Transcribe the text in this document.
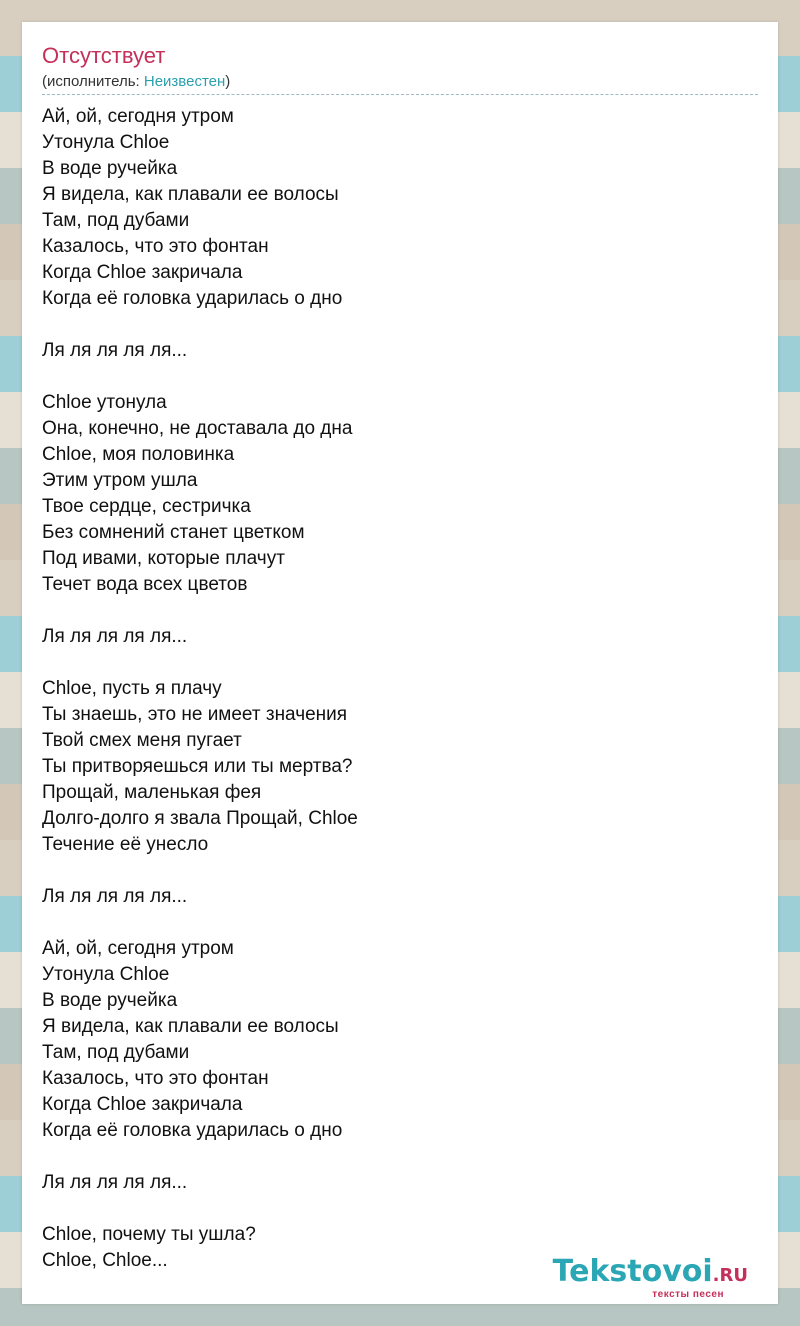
Отсутствует
(исполнитель: Неизвестен)
Ай, ой, сегодня утром
Утонула Chloe
В воде ручейка
Я видела, как плавали ее волосы
Там, под дубами
Казалось, что это фонтан
Когда Chloe закричала
Когда её головка ударилась о дно
Ля ля ля ля ля...
Chloe утонула
Она, конечно, не доставала до дна
Chloe, моя половинка
Этим утром ушла
Твое сердце, сестричка
Без сомнений станет цветком
Под ивами, которые плачут
Течет вода всех цветов
Ля ля ля ля ля...
Chloe, пусть я плачу
Ты знаешь, это не имеет значения
Твой смех меня пугает
Ты притворяешься или ты мертва?
Прощай, маленькая фея
Долго-долго я звала Прощай, Chloe
Течение её унесло
Ля ля ля ля ля...
Ай, ой, сегодня утром
Утонула Chloe
В воде ручейка
Я видела, как плавали ее волосы
Там, под дубами
Казалось, что это фонтан
Когда Chloe закричала
Когда её головка ударилась о дно
Ля ля ля ля ля...
Chloe, почему ты ушла?
Chloe, Chloe...	Tekstovoi.RU
тексты песен
